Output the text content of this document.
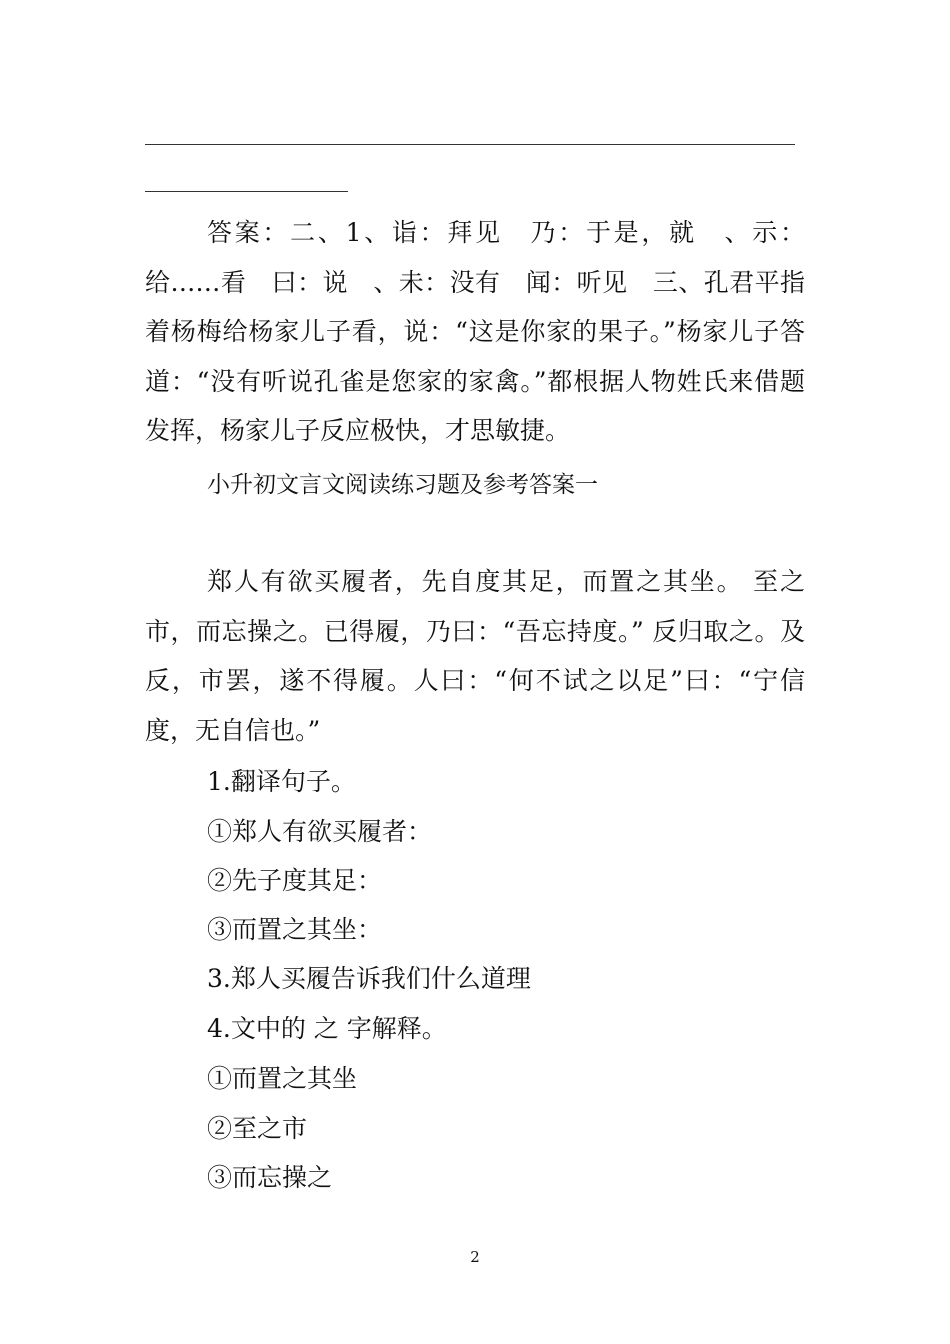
答案：二、1、诣：拜见　乃：于是，就　、示：给……看　曰：说　、未：没有　闻：听见　三、孔君平指着杨梅给杨家儿子看，说：“这是你家的果子。”杨家儿子答道：“没有听说孔雀是您家的家禽。”都根据人物姓氏来借题发挥，杨家儿子反应极快，才思敏捷。

小升初文言文阅读练习题及参考答案一

郑人有欲买履者，先自度其足，而置之其坐。 至之市，而忘操之。已得履，乃曰：“吾忘持度。” 反归取之。及反，市罢，遂不得履。人曰：“何不试之以足”曰：“宁信度，无自信也。”

1.翻译句子。

①郑人有欲买履者：

②先子度其足：

③而置之其坐：

3.郑人买履告诉我们什么道理

4.文中的 之 字解释。

①而置之其坐

②至之市

③而忘操之

2
